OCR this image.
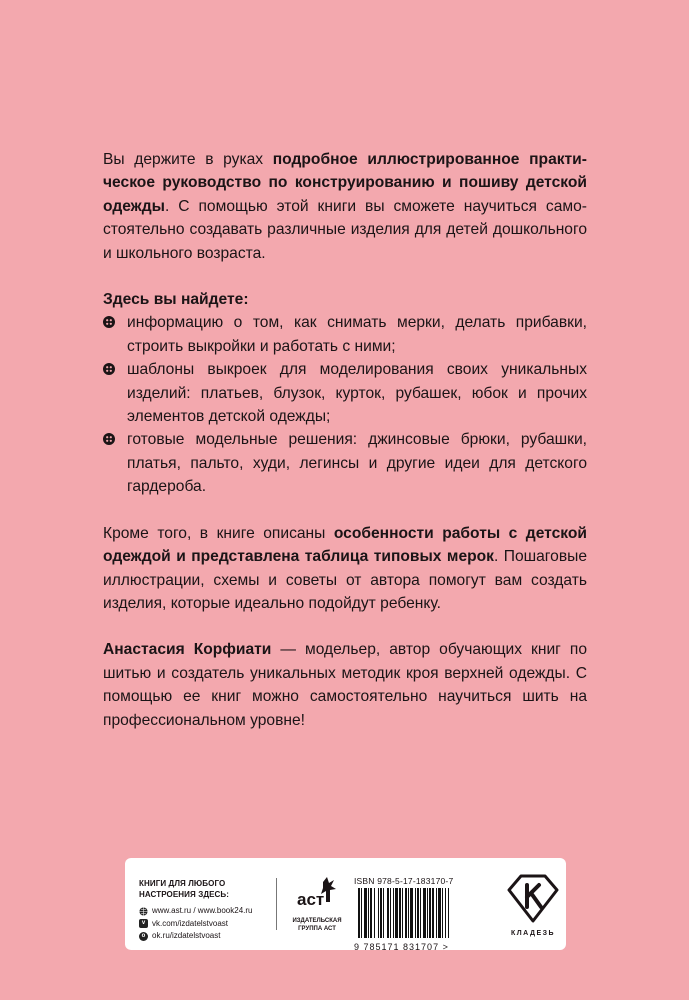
Вы держите в руках подробное иллюстрированное практическое руководство по конструированию и пошиву детской одежды. С помощью этой книги вы сможете научиться самостоятельно создавать различные изделия для детей дошкольного и школьного возраста.

Здесь вы найдете:

информацию о том, как снимать мерки, делать прибавки, строить выкройки и работать с ними;
шаблоны выкроек для моделирования своих уникальных изделий: платьев, блузок, курток, рубашек, юбок и прочих элементов детской одежды;
готовые модельные решения: джинсовые брюки, рубашки, платья, пальто, худи, легинсы и другие идеи для детского гардероба.

Кроме того, в книге описаны особенности работы с детской одеждой и представлена таблица типовых мерок. Пошаговые иллюстрации, схемы и советы от автора помогут вам создать изделия, которые идеально подойдут ребенку.

Анастасия Корфиати — модельер, автор обучающих книг по шитью и создатель уникальных методик кроя верхней одежды. С помощью ее книг можно самостоятельно научиться шить на профессиональном уровне!

КНИГИ ДЛЯ ЛЮБОГО НАСТРОЕНИЯ ЗДЕСЬ:
www.ast.ru / www.book24.ru
v vk.com/izdatelstvoast
o ok.ru/izdatelstvoast
аст
ИЗДАТЕЛЬСКАЯ ГРУППА АСТ
ISBN 978-5-17-183170-7
9 785171 831707 >
КЛАДЕЗЬ
